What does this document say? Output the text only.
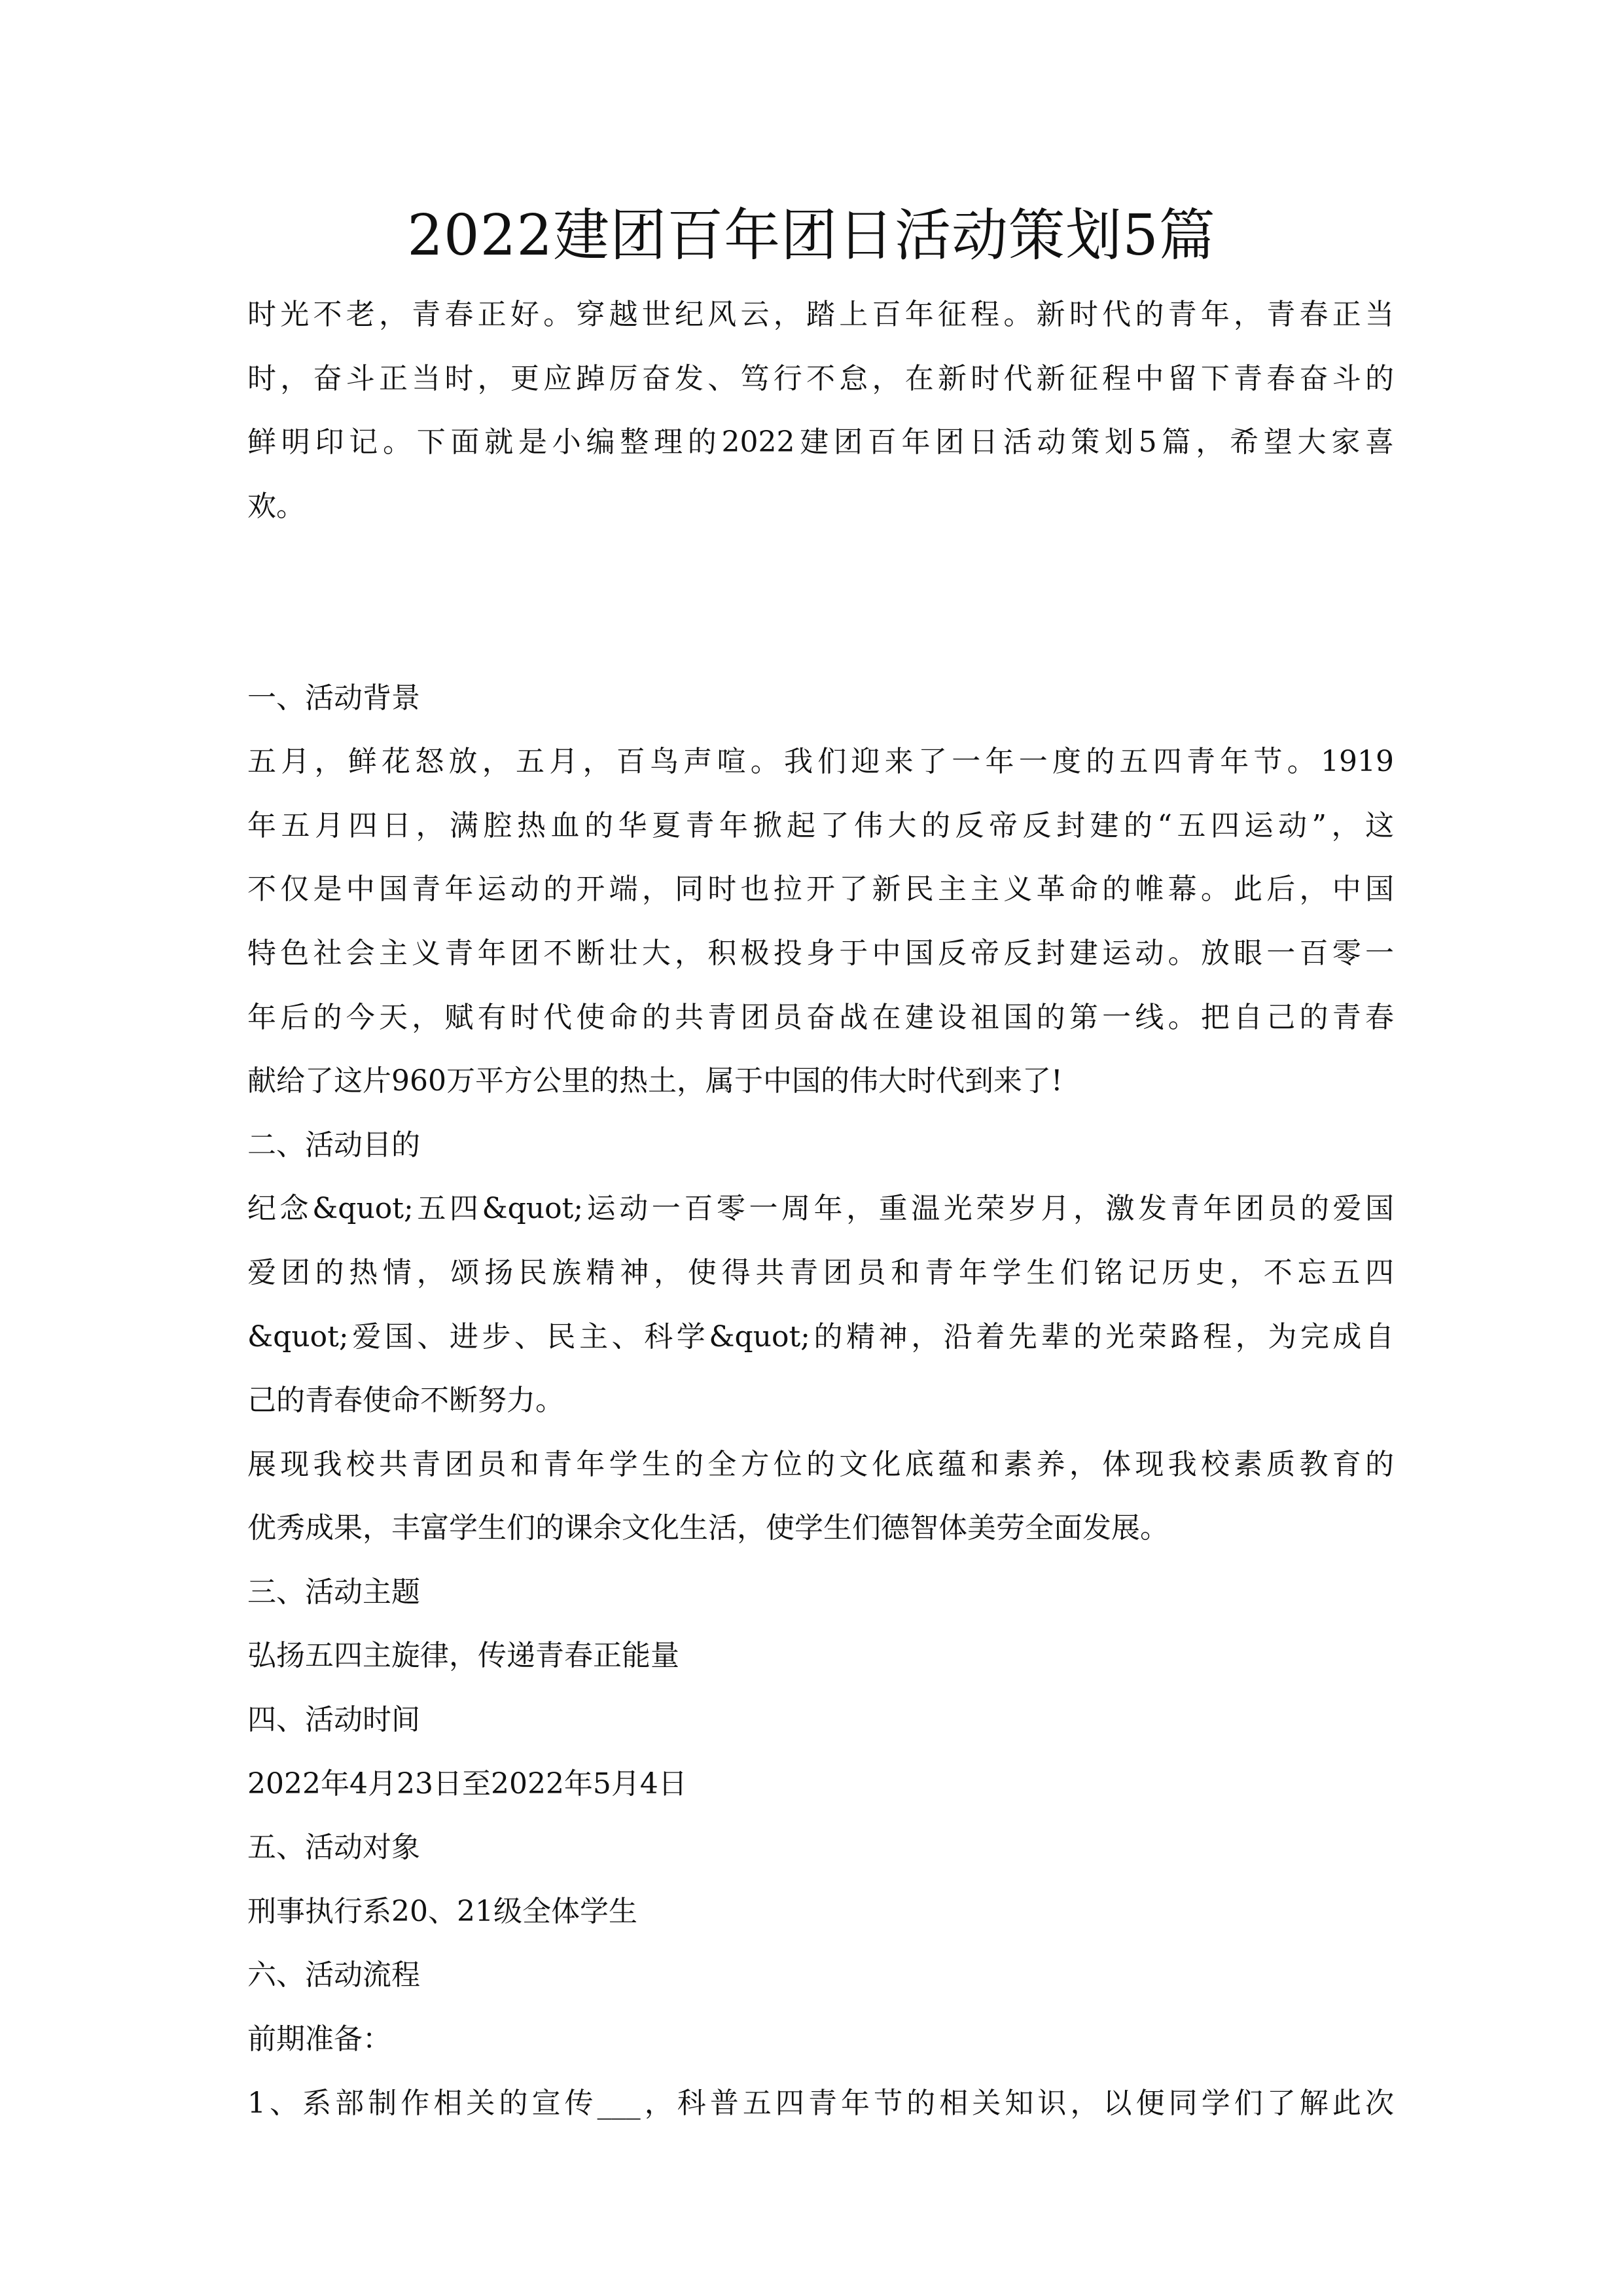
2022建团百年团日活动策划5篇
时光不老，青春正好。穿越世纪风云，踏上百年征程。新时代的青年，青春正当
时，奋斗正当时，更应踔厉奋发、笃行不怠，在新时代新征程中留下青春奋斗的
鲜明印记。下面就是小编整理的2022建团百年团日活动策划5篇，希望大家喜
欢。
一、活动背景
五月，鲜花怒放，五月，百鸟声喧。我们迎来了一年一度的五四青年节。1919
年五月四日，满腔热血的华夏青年掀起了伟大的反帝反封建的“五四运动”，这
不仅是中国青年运动的开端，同时也拉开了新民主主义革命的帷幕。此后，中国
特色社会主义青年团不断壮大，积极投身于中国反帝反封建运动。放眼一百零一
年后的今天，赋有时代使命的共青团员奋战在建设祖国的第一线。把自己的青春
献给了这片960万平方公里的热土，属于中国的伟大时代到来了!
二、活动目的
纪念&quot;五四&quot;运动一百零一周年，重温光荣岁月，激发青年团员的爱国
爱团的热情，颂扬民族精神，使得共青团员和青年学生们铭记历史，不忘五四
&quot;爱国、进步、民主、科学&quot;的精神，沿着先辈的光荣路程，为完成自
己的青春使命不断努力。
展现我校共青团员和青年学生的全方位的文化底蕴和素养，体现我校素质教育的
优秀成果，丰富学生们的课余文化生活，使学生们德智体美劳全面发展。
三、活动主题
弘扬五四主旋律，传递青春正能量
四、活动时间
2022年4月23日至2022年5月4日
五、活动对象
刑事执行系20、21级全体学生
六、活动流程
前期准备：
1、系部制作相关的宣传___，科普五四青年节的相关知识，以便同学们了解此次
